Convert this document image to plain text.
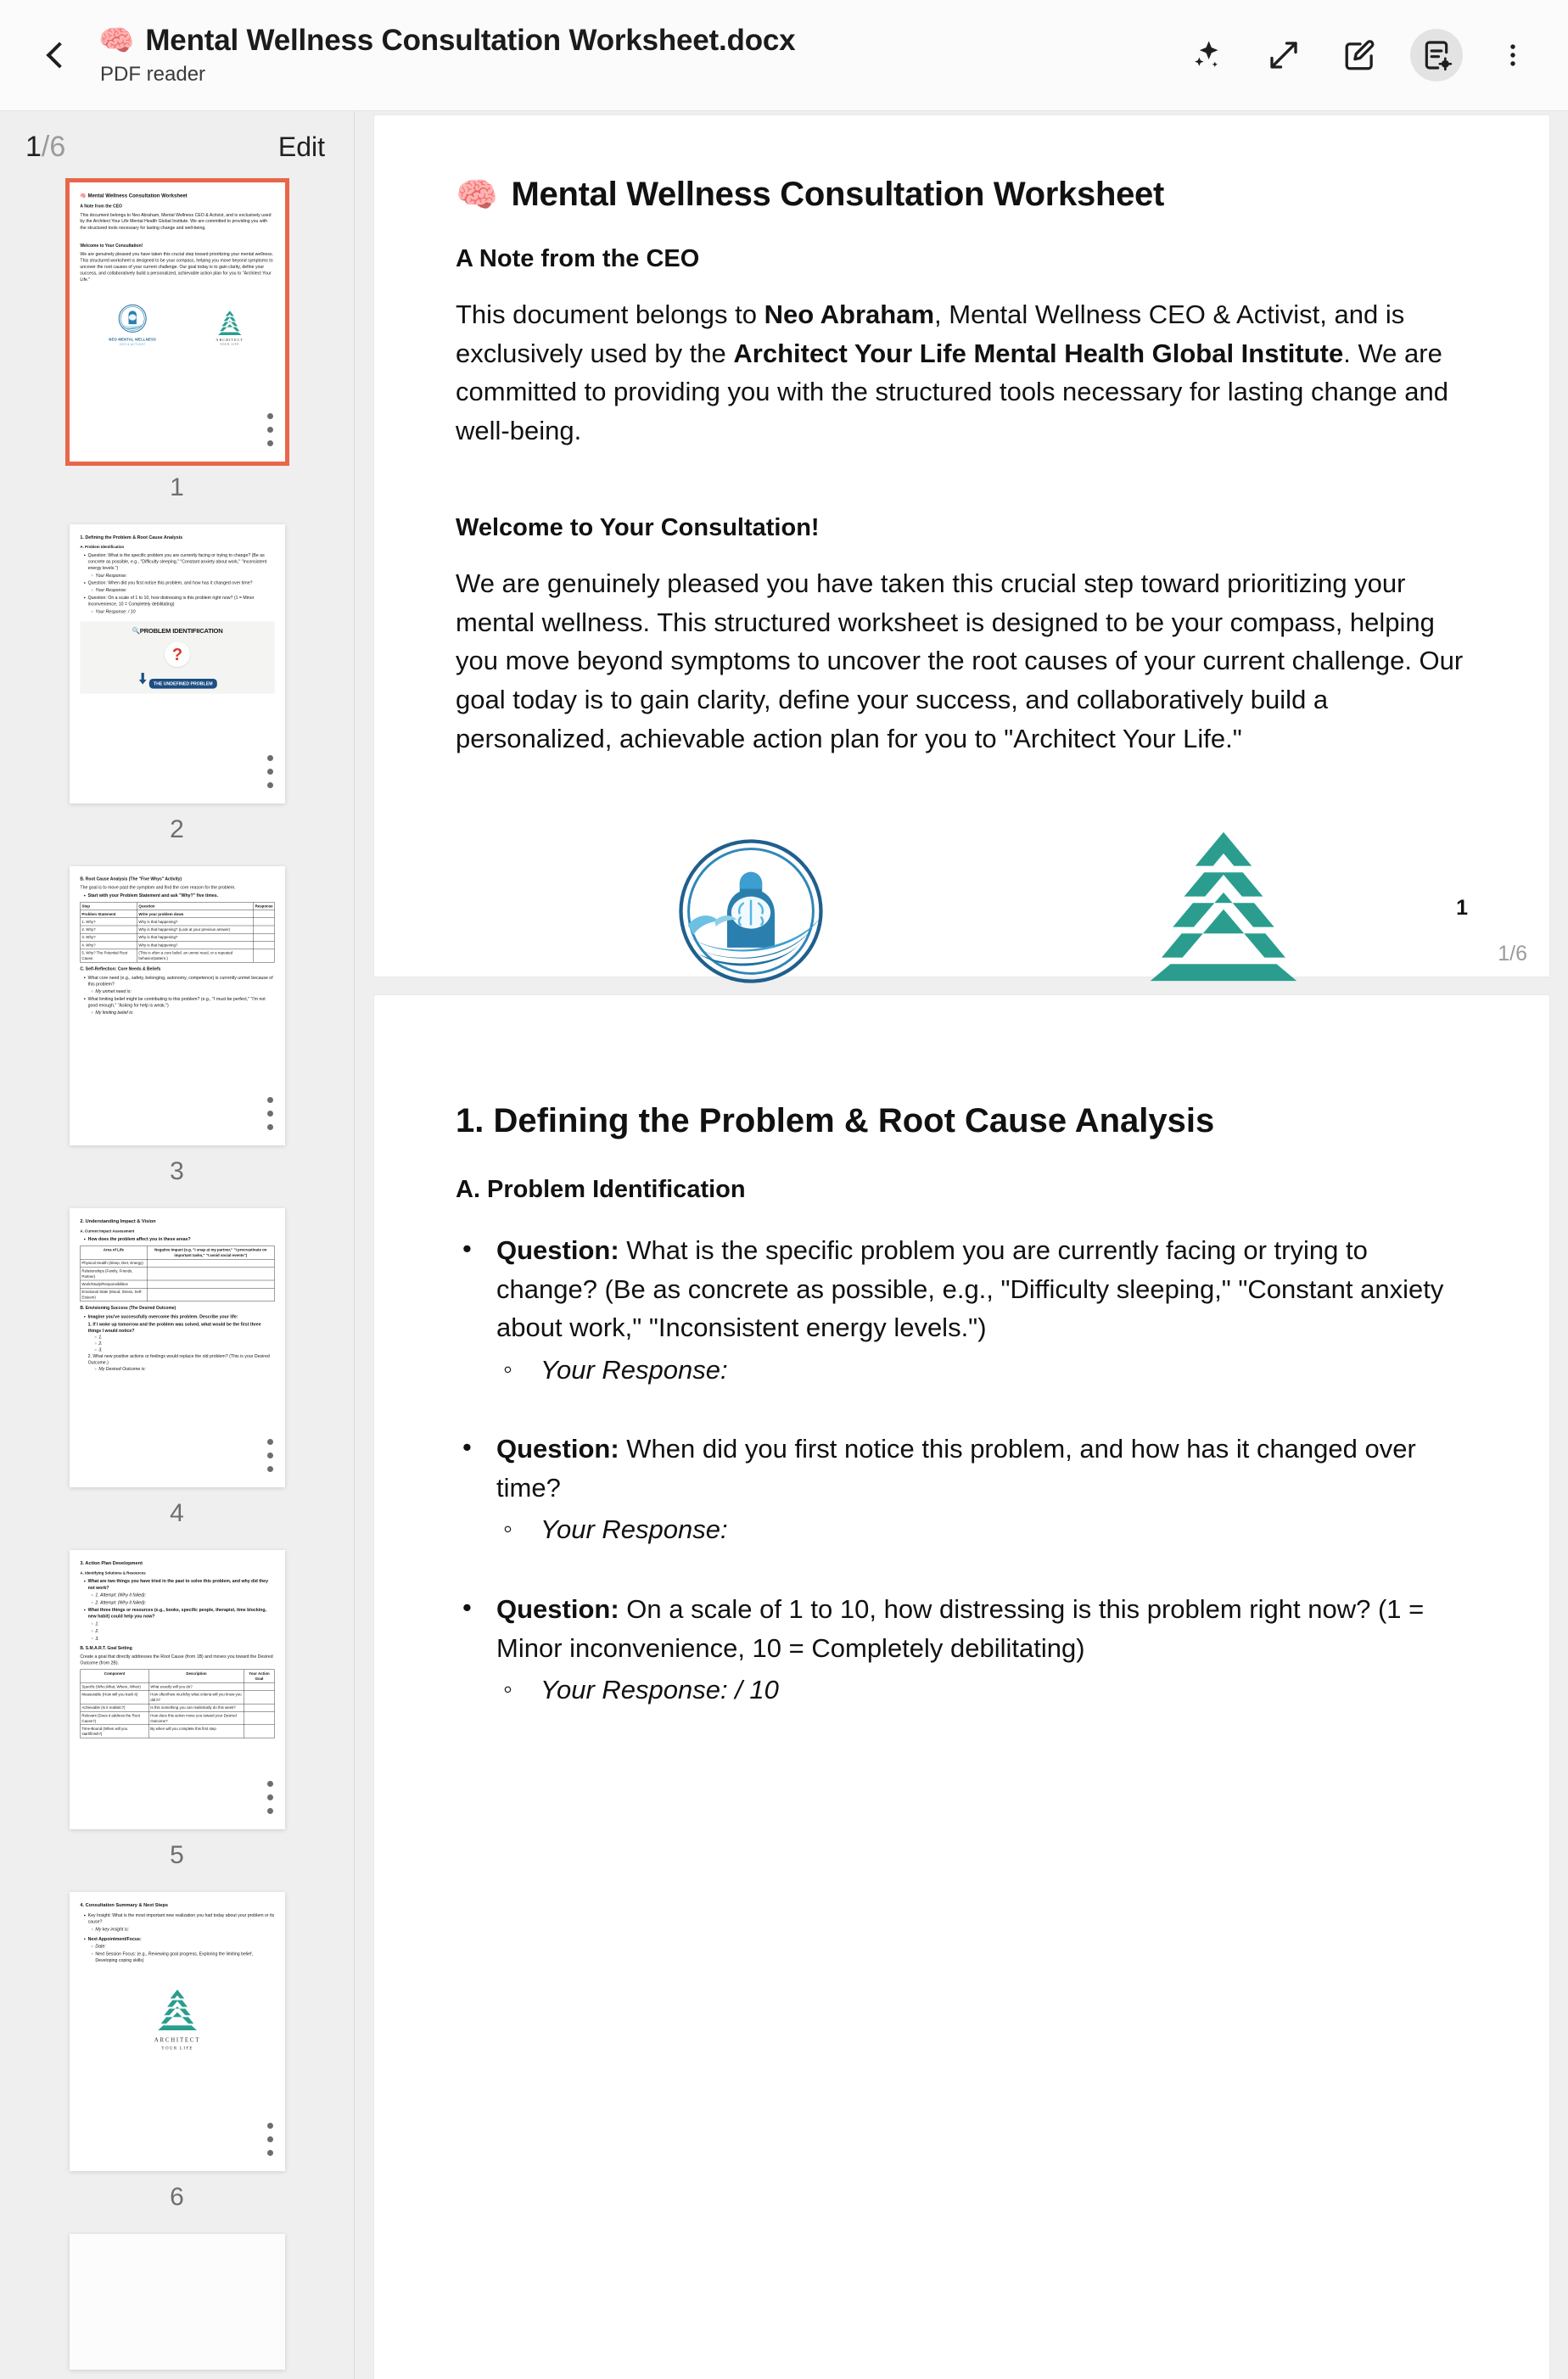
🧠 Mental Wellness Consultation Worksheet.docx
PDF reader
1/6	Edit
🧠 Mental Wellness Consultation Worksheet
A Note from the CEO
This document belongs to Neo Abraham, Mental Wellness CEO & Activist, and is exclusively used by the Architect Your Life Mental Health Global Institute. We are committed to providing you with the structured tools necessary for lasting change and well-being.
Welcome to Your Consultation!
We are genuinely pleased you have taken this crucial step toward prioritizing your mental wellness. This structured worksheet is designed to be your compass, helping you move beyond symptoms to uncover the root causes of your current challenge. Our goal today is to gain clarity, define your success, and collaboratively build a personalized, achievable action plan for you to "Architect Your Life."
NEO MENTAL WELLNESS
CEO & ACTIVIST
ARCHITECT
YOUR LIFE
1
1. Defining the Problem & Root Cause Analysis
A. Problem Identification
• Question: What is the specific problem you are currently facing or trying to change? (Be as concrete as possible, e.g., "Difficulty sleeping," "Constant anxiety about work," "Inconsistent energy levels.")
◦ Your Response:
• Question: When did you first notice this problem, and how has it changed over time?
◦ Your Response:
• Question: On a scale of 1 to 10, how distressing is this problem right now? (1 = Minor inconvenience, 10 = Completely debilitating)
◦ Your Response: / 10
🔍PROBLEM IDENTIFIICATION
?
THE UNDEFINED PROBLEM
2
B. Root Cause Analysis (The "Five Whys" Activity)
The goal is to move past the symptom and find the core reason for the problem.
• Start with your Problem Statement and ask "Why?" five times.
Step	Question	Response
Problem Statement	Write your problem down	
1. Why?	Why is that happening?	
2. Why?	Why is that happening? (Look at your previous answer)	
3. Why?	Why is that happening?	
4. Why?	Why is that happening?	
5. Why? The Potential Root Cause:	(This is often a core belief, an unmet need, or a repeated behavior/pattern.)	
C. Self-Reflection: Core Needs & Beliefs
• What core need (e.g., safety, belonging, autonomy, competence) is currently unmet because of this problem?
◦ My unmet need is:
• What limiting belief might be contributing to this problem? (e.g., "I must be perfect," "I'm not good enough," "Asking for help is weak.")
◦ My limiting belief is:
3
2. Understanding Impact & Vision
A. Current Impact Assessment
• How does the problem affect you in these areas?
Area of Life	Negative Impact (e.g. "I snap at my partner," "I procrastinate on important tasks," "I avoid social events")
Physical Health (Sleep, Diet, Energy)	
Relationships (Family, Friends, Partner)	
Work/Study/Responsibilities	
Emotional State (Mood, Stress, Self-Esteem)	
B. Envisioning Success (The Desired Outcome)
• Imagine you've successfully overcome this problem. Describe your life:
1. If I woke up tomorrow and the problem was solved, what would be the first three things I would notice?
◦ 1.
◦ 2.
◦ 3.
2. What new positive actions or feelings would replace the old problem? (This is your Desired Outcome.)
◦ My Desired Outcome is:
4
3. Action Plan Development
A. Identifying Solutions & Resources
• What are two things you have tried in the past to solve this problem, and why did they not work?
◦ 1. Attempt: (Why it failed):
◦ 2. Attempt: (Why it failed):
• What three things or resources (e.g., books, specific people, therapist, time blocking, new habit) could help you now?
◦ 1.
◦ 2.
◦ 3.
B. S.M.A.R.T. Goal Setting
Create a goal that directly addresses the Root Cause (from 1B) and moves you toward the Desired Outcome (from 2B).
Component	Description	Your Action Goal
Specific (Who,What, Where, When)	What exactly will you do?	
Measurable (How will you track it)	How often/how much/by what criteria will you know you did it?	
Achievable (Is it realistic?)	Is this something you can realistically do this week?	
Relevant (Does it address the Root Cause?)	How does this action move you toward your Desired Outcome?	
Time-Bound (When will you start/finish?)	By when will you complete this first step	
5
4. Consultation Summary & Next Steps
• Key Insight: What is the most important new realization you had today about your problem or its cause?
◦ My key insight is:
• Next Appointment/Focus:
◦ Date:
◦ Next Session Focus: (e.g., Reviewing goal progress, Exploring the limiting belief, Developing coping skills)
ARCHITECT
YOUR LIFE
6
🧠 Mental Wellness Consultation Worksheet
A Note from the CEO

This document belongs to Neo Abraham, Mental Wellness CEO & Activist, and is exclusively used by the Architect Your Life Mental Health Global Institute. We are committed to providing you with the structured tools necessary for lasting change and well-being.

Welcome to Your Consultation!

We are genuinely pleased you have taken this crucial step toward prioritizing your mental wellness. This structured worksheet is designed to be your compass, helping you move beyond symptoms to uncover the root causes of your current challenge. Our goal today is to gain clarity, define your success, and collaboratively build a personalized, achievable action plan for you to "Architect Your Life."

1
1/6
1. Defining the Problem & Root Cause Analysis
A. Problem Identification
• Question: What is the specific problem you are currently facing or trying to change? (Be as concrete as possible, e.g., "Difficulty sleeping," "Constant anxiety about work," "Inconsistent energy levels.")
◦ Your Response:
• Question: When did you first notice this problem, and how has it changed over time?
◦ Your Response:
• Question: On a scale of 1 to 10, how distressing is this problem right now? (1 = Minor inconvenience, 10 = Completely debilitating)
◦ Your Response: / 10
